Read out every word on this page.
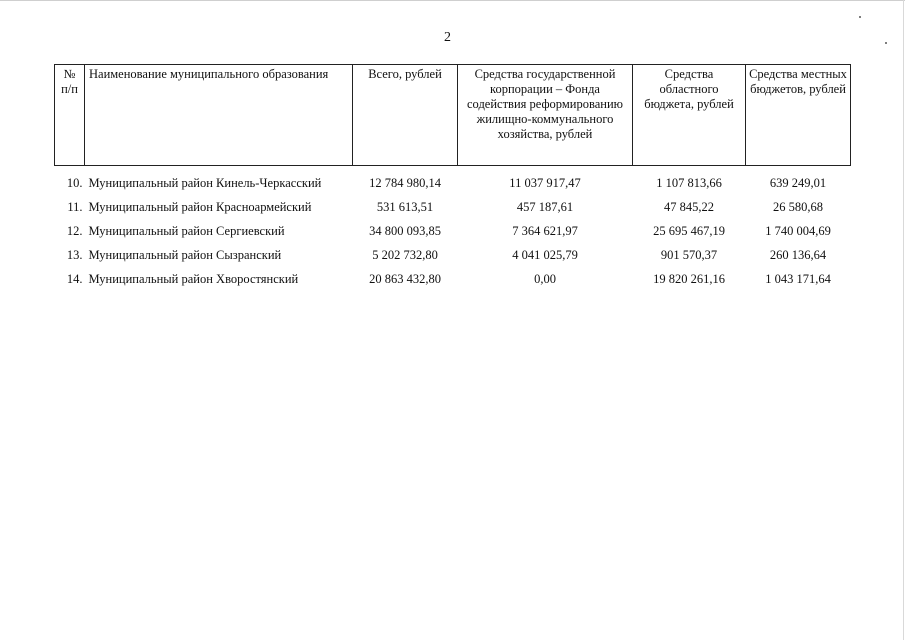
2
№ п/п	Наименование муниципального образования	Всего, рублей	Средства государственной корпорации – Фонда содействия реформированию жилищно-коммунального хозяйства, рублей	Средства областного бюджета, рублей	Средства местных бюджетов, рублей
10.	Муниципальный район Кинель-Черкасский	12 784 980,14	11 037 917,47	1 107 813,66	639 249,01
11.	Муниципальный район Красноармейский	531 613,51	457 187,61	47 845,22	26 580,68
12.	Муниципальный район Сергиевский	34 800 093,85	7 364 621,97	25 695 467,19	1 740 004,69
13.	Муниципальный район Сызранский	5 202 732,80	4 041 025,79	901 570,37	260 136,64
14.	Муниципальный район Хворостянский	20 863 432,80	0,00	19 820 261,16	1 043 171,64
